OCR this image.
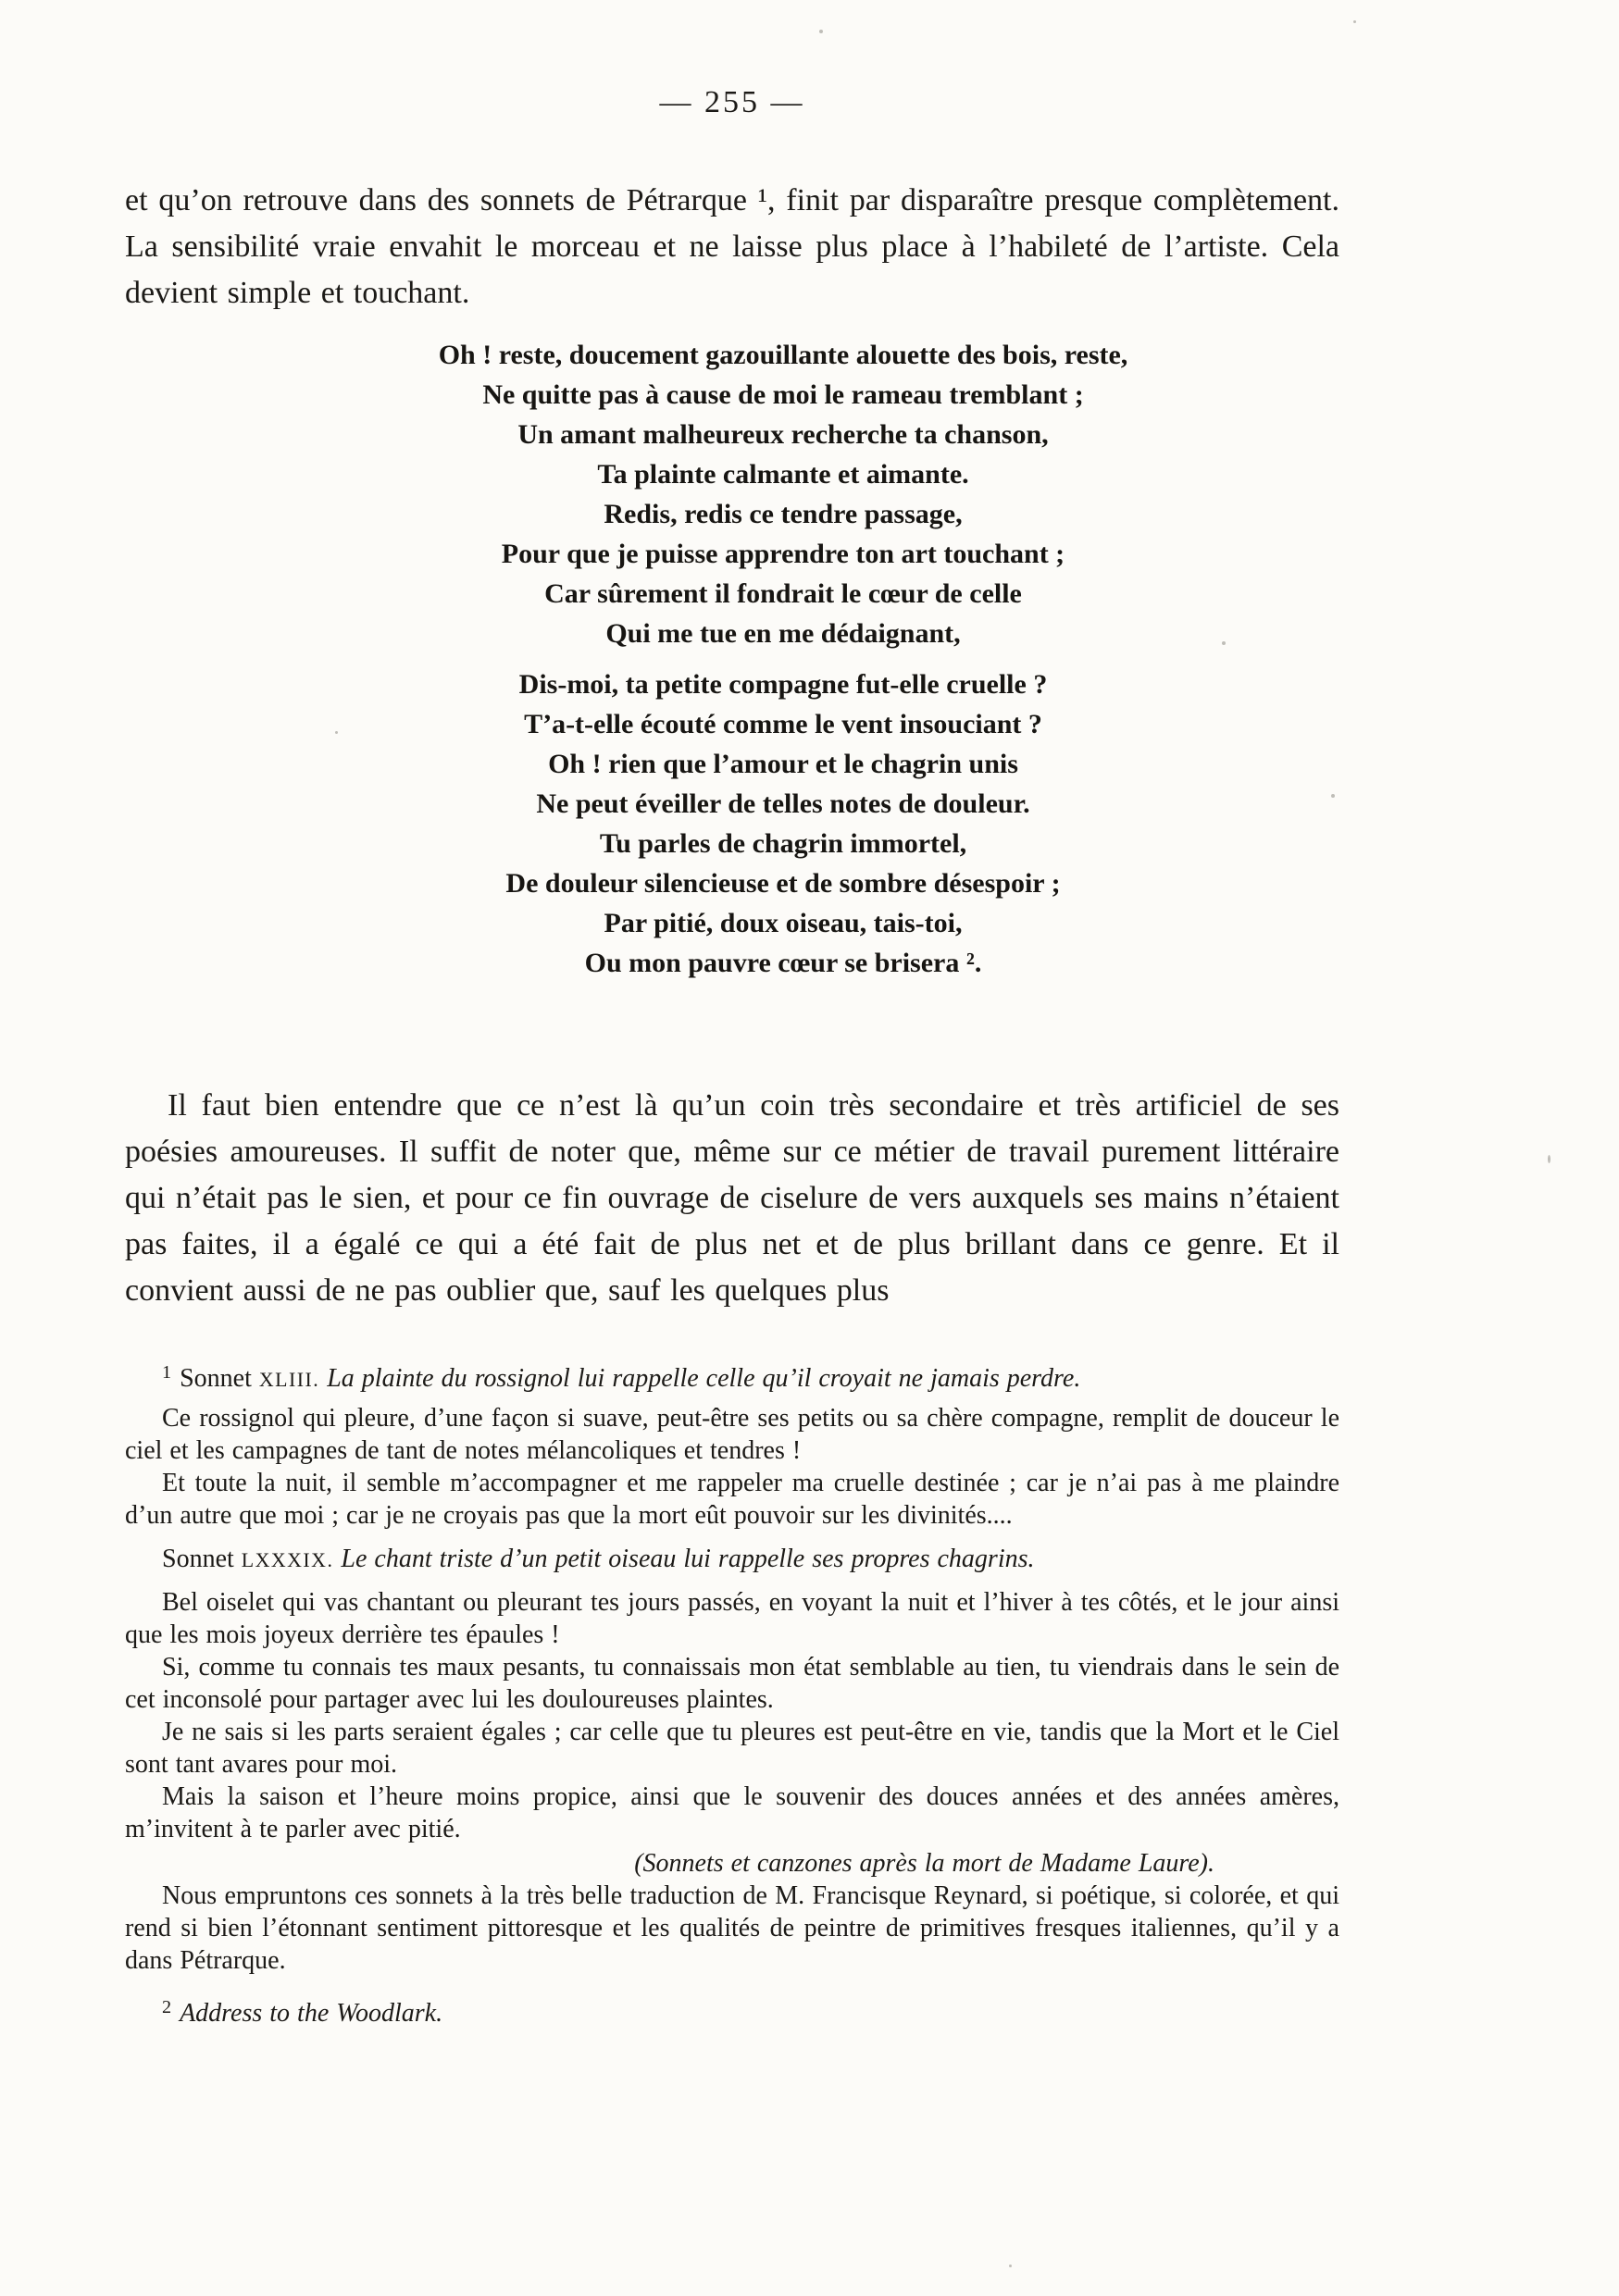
— 255 —

et qu’on retrouve dans des sonnets de Pétrarque ¹, finit par disparaître presque complètement. La sensibilité vraie envahit le morceau et ne laisse plus place à l’habileté de l’artiste. Cela devient simple et touchant.

Oh ! reste, doucement gazouillante alouette des bois, reste,
Ne quitte pas à cause de moi le rameau tremblant ;
Un amant malheureux recherche ta chanson,
Ta plainte calmante et aimante.
Redis, redis ce tendre passage,
Pour que je puisse apprendre ton art touchant ;
Car sûrement il fondrait le cœur de celle
Qui me tue en me dédaignant,
Dis-moi, ta petite compagne fut-elle cruelle ?
T’a-t-elle écouté comme le vent insouciant ?
Oh ! rien que l’amour et le chagrin unis
Ne peut éveiller de telles notes de douleur.
Tu parles de chagrin immortel,
De douleur silencieuse et de sombre désespoir ;
Par pitié, doux oiseau, tais-toi,
Ou mon pauvre cœur se brisera ².

Il faut bien entendre que ce n’est là qu’un coin très secondaire et très artificiel de ses poésies amoureuses. Il suffit de noter que, même sur ce métier de travail purement littéraire qui n’était pas le sien, et pour ce fin ouvrage de ciselure de vers auxquels ses mains n’étaient pas faites, il a égalé ce qui a été fait de plus net et de plus brillant dans ce genre. Et il convient aussi de ne pas oublier que, sauf les quelques plus

$^1$ Sonnet XLIII. La plainte du rossignol lui rappelle celle qu’il croyait ne jamais perdre.

Ce rossignol qui pleure, d’une façon si suave, peut-être ses petits ou sa chère compagne, remplit de douceur le ciel et les campagnes de tant de notes mélancoliques et tendres !

Et toute la nuit, il semble m’accompagner et me rappeler ma cruelle destinée ; car je n’ai pas à me plaindre d’un autre que moi ; car je ne croyais pas que la mort eût pouvoir sur les divinités....

Sonnet LXXXIX. Le chant triste d’un petit oiseau lui rappelle ses propres chagrins.

Bel oiselet qui vas chantant ou pleurant tes jours passés, en voyant la nuit et l’hiver à tes côtés, et le jour ainsi que les mois joyeux derrière tes épaules !

Si, comme tu connais tes maux pesants, tu connaissais mon état semblable au tien, tu viendrais dans le sein de cet inconsolé pour partager avec lui les douloureuses plaintes.

Je ne sais si les parts seraient égales ; car celle que tu pleures est peut-être en vie, tandis que la Mort et le Ciel sont tant avares pour moi.

Mais la saison et l’heure moins propice, ainsi que le souvenir des douces années et des années amères, m’invitent à te parler avec pitié.

(Sonnets et canzones après la mort de Madame Laure).

Nous empruntons ces sonnets à la très belle traduction de M. Francisque Reynard, si poétique, si colorée, et qui rend si bien l’étonnant sentiment pittoresque et les qualités de peintre de primitives fresques italiennes, qu’il y a dans Pétrarque.

$^2$ Address to the Woodlark.
